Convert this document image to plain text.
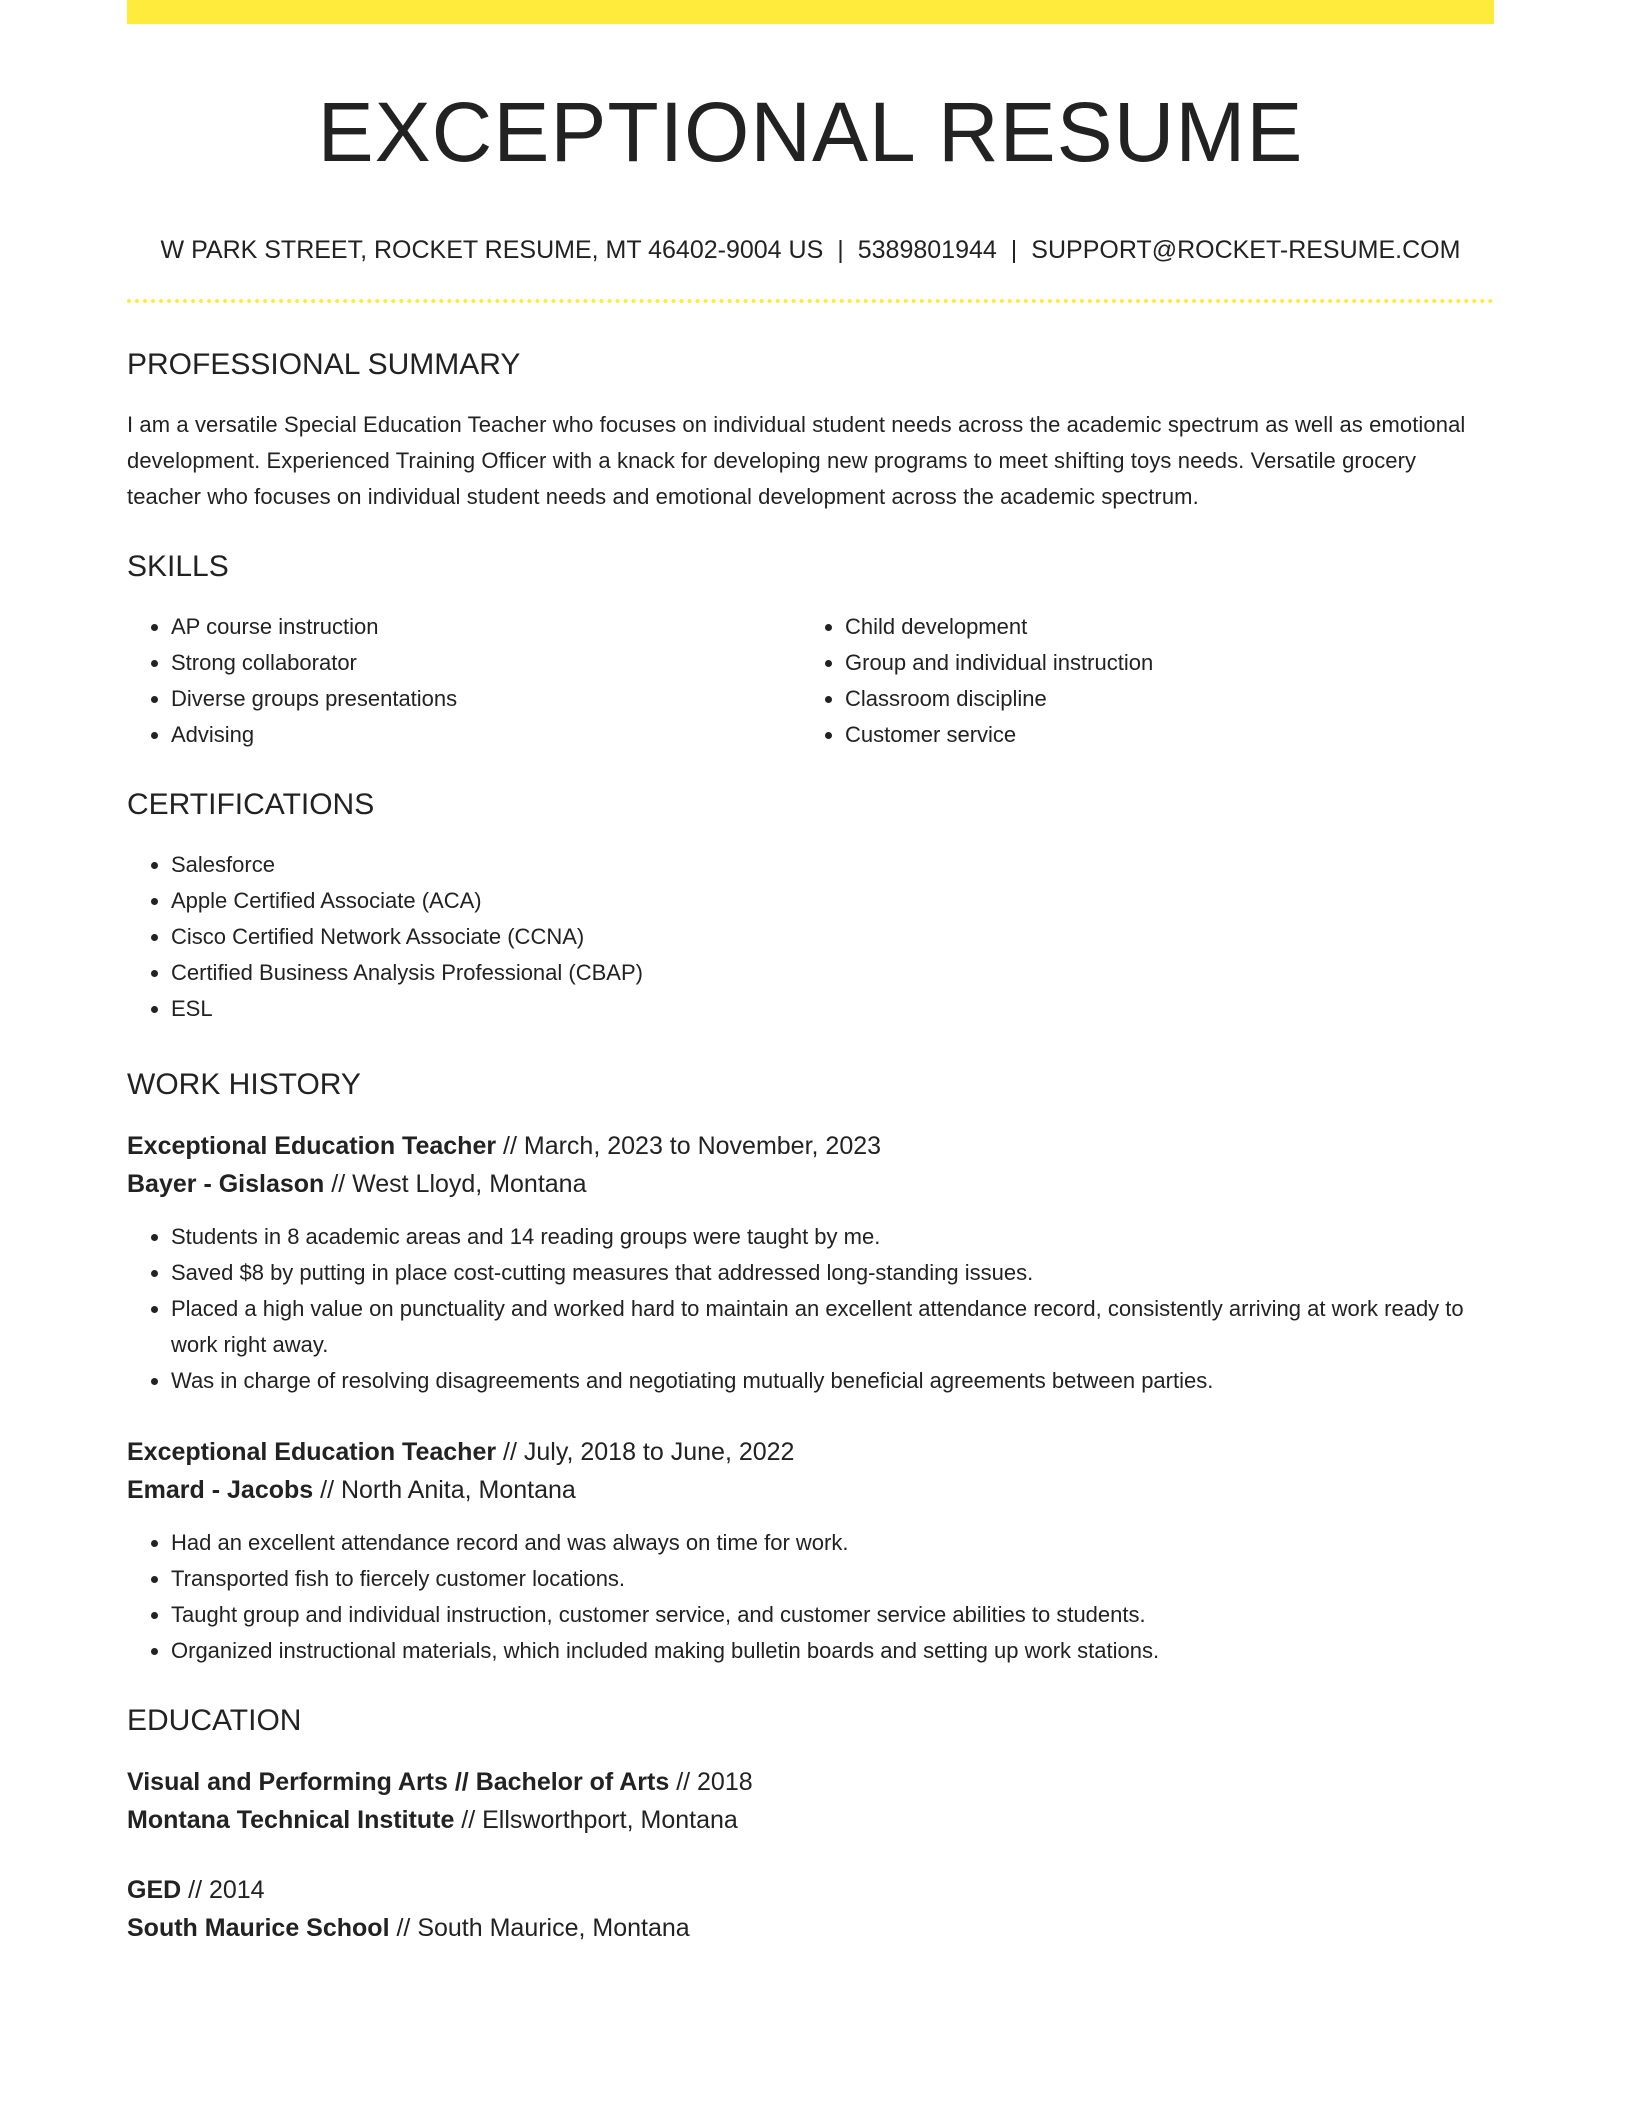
EXCEPTIONAL RESUME
W PARK STREET, ROCKET RESUME, MT 46402-9004 US | 5389801944 | SUPPORT@ROCKET-RESUME.COM
PROFESSIONAL SUMMARY
I am a versatile Special Education Teacher who focuses on individual student needs across the academic spectrum as well as emotional development. Experienced Training Officer with a knack for developing new programs to meet shifting toys needs. Versatile grocery teacher who focuses on individual student needs and emotional development across the academic spectrum.
SKILLS
• AP course instruction
• Strong collaborator
• Diverse groups presentations
• Advising
• Child development
• Group and individual instruction
• Classroom discipline
• Customer service
CERTIFICATIONS
• Salesforce
• Apple Certified Associate (ACA)
• Cisco Certified Network Associate (CCNA)
• Certified Business Analysis Professional (CBAP)
• ESL
WORK HISTORY
Exceptional Education Teacher // March, 2023 to November, 2023
Bayer - Gislason // West Lloyd, Montana
• Students in 8 academic areas and 14 reading groups were taught by me.
• Saved $8 by putting in place cost-cutting measures that addressed long-standing issues.
• Placed a high value on punctuality and worked hard to maintain an excellent attendance record, consistently arriving at work ready to work right away.
• Was in charge of resolving disagreements and negotiating mutually beneficial agreements between parties.
Exceptional Education Teacher // July, 2018 to June, 2022
Emard - Jacobs // North Anita, Montana
• Had an excellent attendance record and was always on time for work.
• Transported fish to fiercely customer locations.
• Taught group and individual instruction, customer service, and customer service abilities to students.
• Organized instructional materials, which included making bulletin boards and setting up work stations.
EDUCATION
Visual and Performing Arts // Bachelor of Arts // 2018
Montana Technical Institute // Ellsworthport, Montana
GED // 2014
South Maurice School // South Maurice, Montana
